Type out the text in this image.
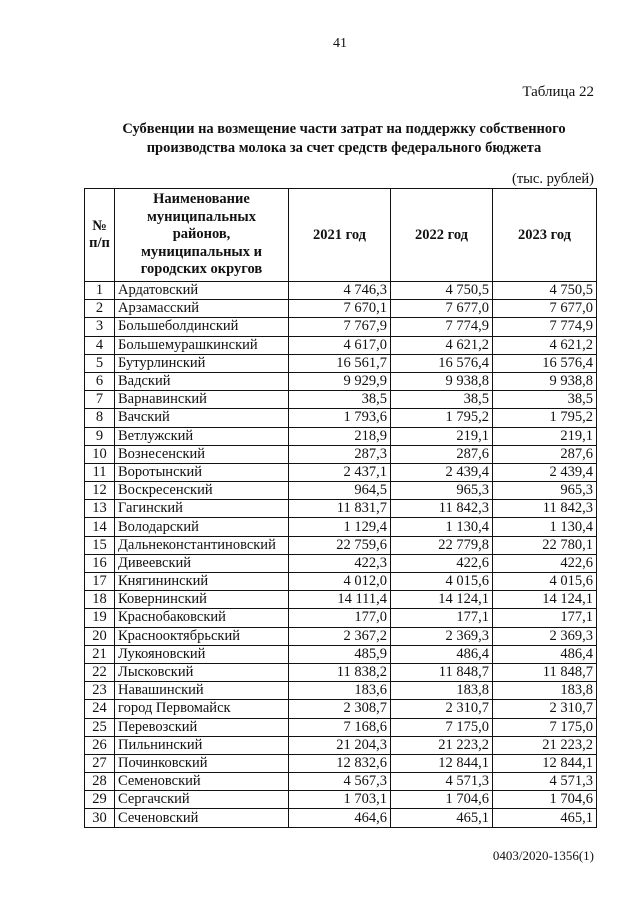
41
Таблица 22
Субвенции на возмещение части затрат на поддержку собственного
производства молока за счет средств федерального бюджета
(тыс. рублей)
№ п/п	Наименование муниципальных районов, муниципальных и городских округов	2021 год	2022 год	2023 год
1	Ардатовский	4 746,3	4 750,5	4 750,5
2	Арзамасский	7 670,1	7 677,0	7 677,0
3	Большеболдинский	7 767,9	7 774,9	7 774,9
4	Большемурашкинский	4 617,0	4 621,2	4 621,2
5	Бутурлинский	16 561,7	16 576,4	16 576,4
6	Вадский	9 929,9	9 938,8	9 938,8
7	Варнавинский	38,5	38,5	38,5
8	Вачский	1 793,6	1 795,2	1 795,2
9	Ветлужский	218,9	219,1	219,1
10	Вознесенский	287,3	287,6	287,6
11	Воротынский	2 437,1	2 439,4	2 439,4
12	Воскресенский	964,5	965,3	965,3
13	Гагинский	11 831,7	11 842,3	11 842,3
14	Володарский	1 129,4	1 130,4	1 130,4
15	Дальнеконстантиновский	22 759,6	22 779,8	22 780,1
16	Дивеевский	422,3	422,6	422,6
17	Княгининский	4 012,0	4 015,6	4 015,6
18	Ковернинский	14 111,4	14 124,1	14 124,1
19	Краснобаковский	177,0	177,1	177,1
20	Краснооктябрьский	2 367,2	2 369,3	2 369,3
21	Лукояновский	485,9	486,4	486,4
22	Лысковский	11 838,2	11 848,7	11 848,7
23	Навашинский	183,6	183,8	183,8
24	город Первомайск	2 308,7	2 310,7	2 310,7
25	Перевозский	7 168,6	7 175,0	7 175,0
26	Пильнинский	21 204,3	21 223,2	21 223,2
27	Починковский	12 832,6	12 844,1	12 844,1
28	Семеновский	4 567,3	4 571,3	4 571,3
29	Сергачский	1 703,1	1 704,6	1 704,6
30	Сеченовский	464,6	465,1	465,1
0403/2020-1356(1)
